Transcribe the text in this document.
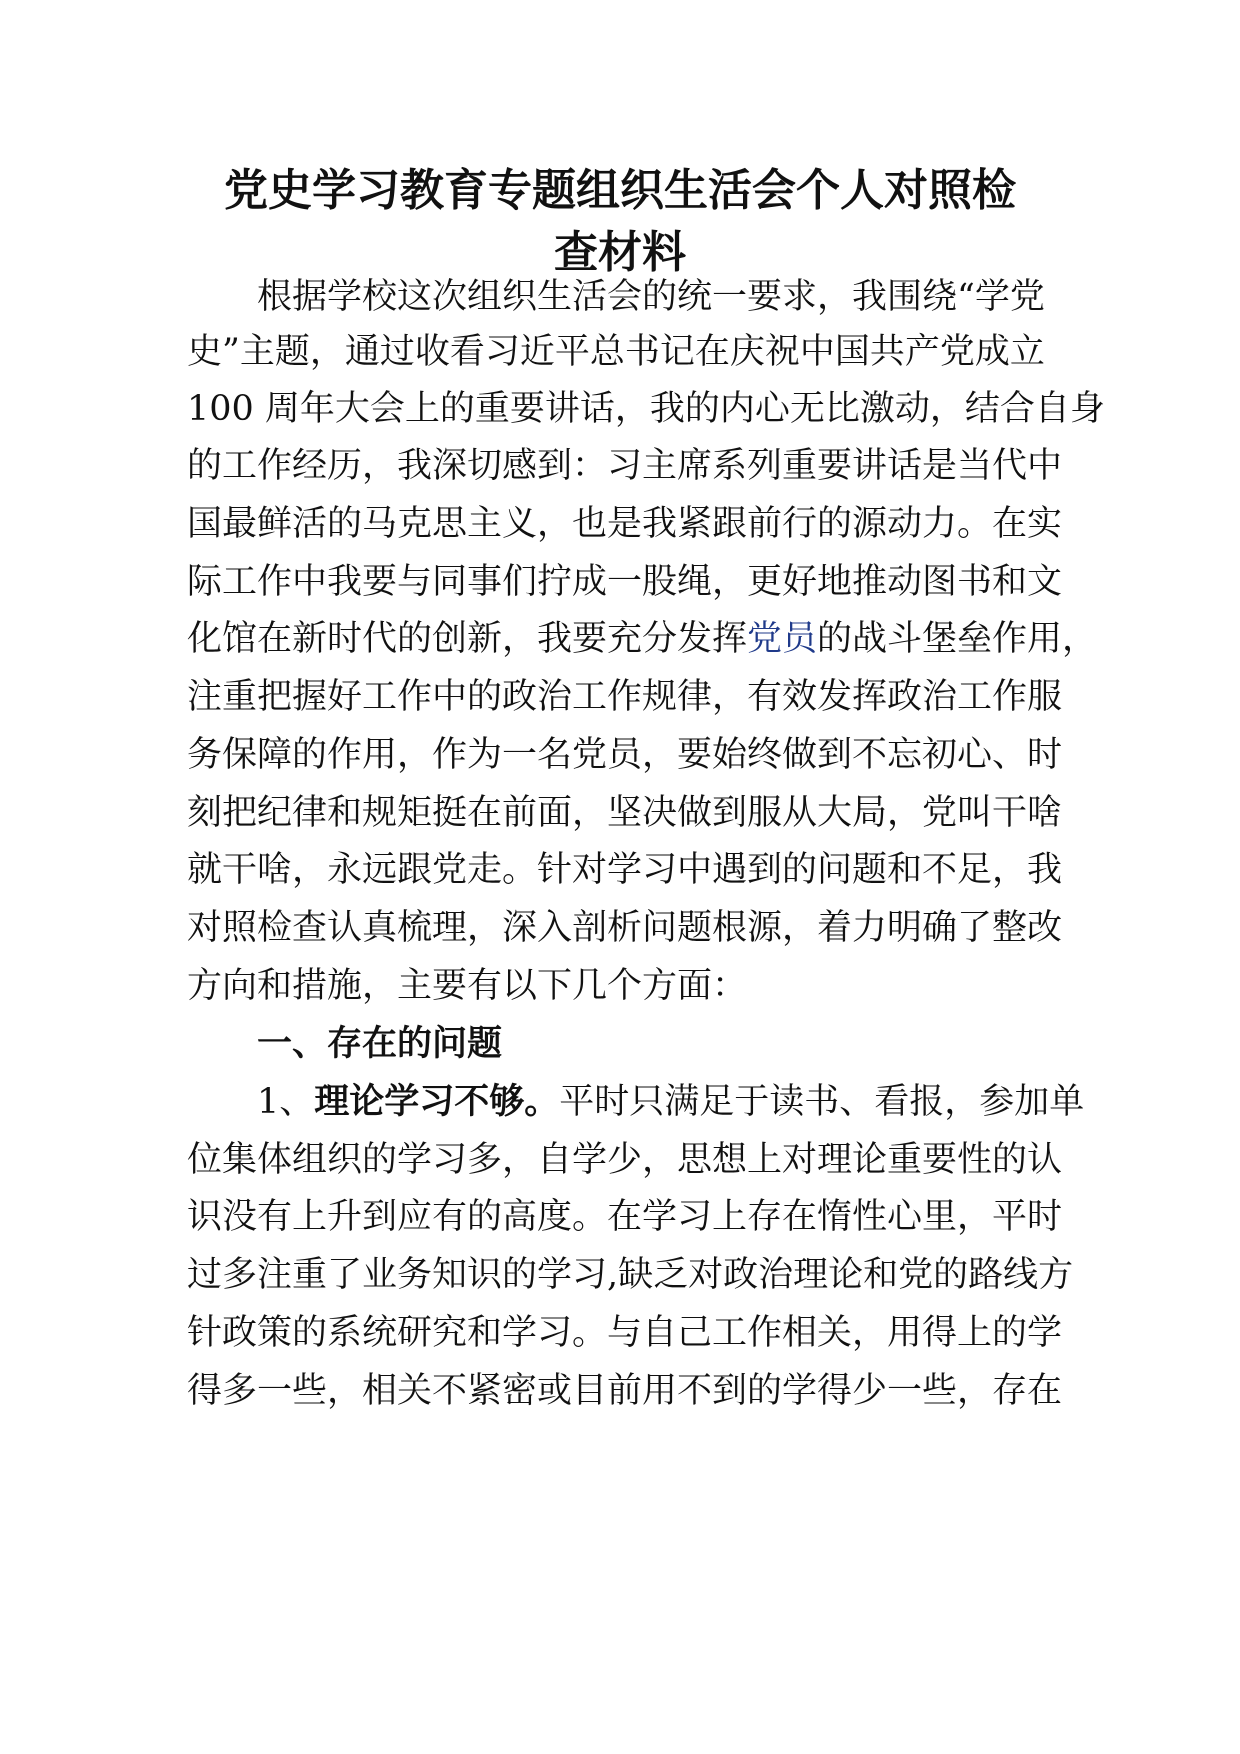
党史学习教育专题组织生活会个人对照检
查材料
根据学校这次组织生活会的统一要求，我围绕“学党
史”主题，通过收看习近平总书记在庆祝中国共产党成立
100 周年大会上的重要讲话，我的内心无比激动，结合自身
的工作经历，我深切感到：习主席系列重要讲话是当代中
国最鲜活的马克思主义，也是我紧跟前行的源动力。在实
际工作中我要与同事们拧成一股绳，更好地推动图书和文
化馆在新时代的创新，我要充分发挥党员的战斗堡垒作用，
注重把握好工作中的政治工作规律，有效发挥政治工作服
务保障的作用，作为一名党员，要始终做到不忘初心、时
刻把纪律和规矩挺在前面，坚决做到服从大局，党叫干啥
就干啥，永远跟党走。针对学习中遇到的问题和不足，我
对照检查认真梳理，深入剖析问题根源，着力明确了整改
方向和措施，主要有以下几个方面：
一、存在的问题
1、理论学习不够。平时只满足于读书、看报，参加单
位集体组织的学习多，自学少，思想上对理论重要性的认
识没有上升到应有的高度。在学习上存在惰性心里，平时
过多注重了业务知识的学习,缺乏对政治理论和党的路线方
针政策的系统研究和学习。与自己工作相关，用得上的学
得多一些，相关不紧密或目前用不到的学得少一些，存在
